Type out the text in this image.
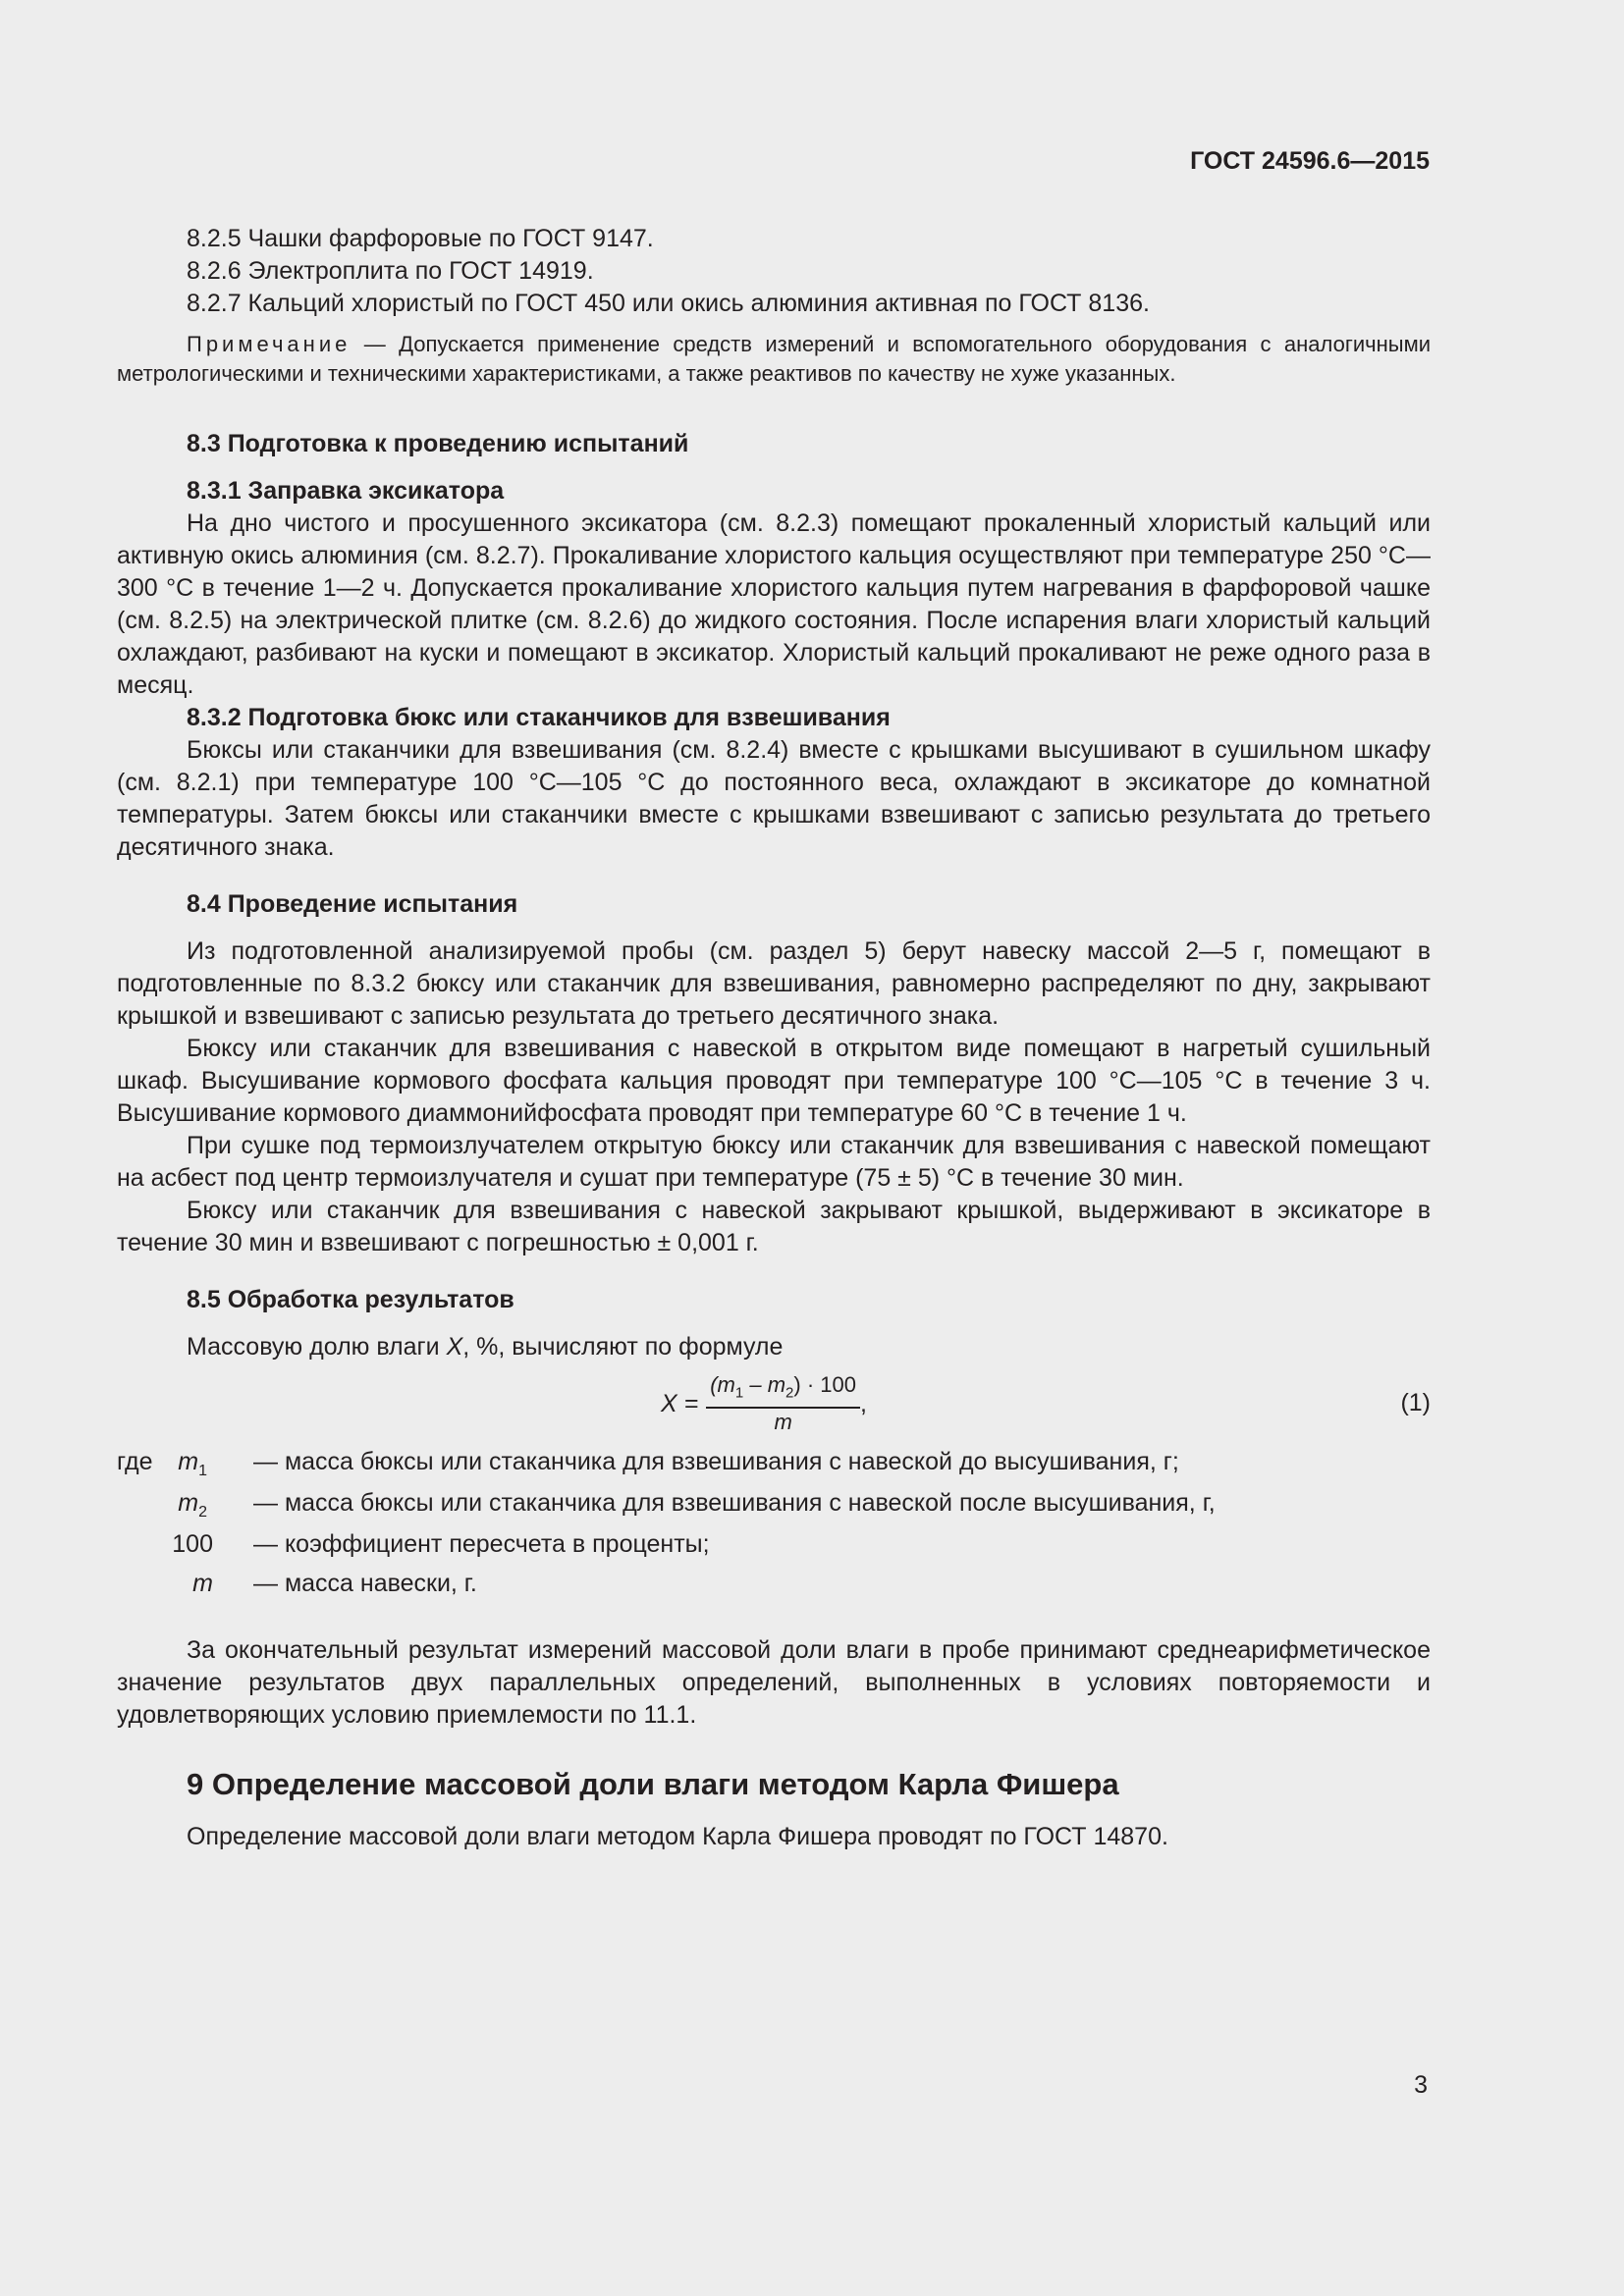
ГОСТ 24596.6—2015

8.2.5 Чашки фарфоровые по ГОСТ 9147.

8.2.6 Электроплита по ГОСТ 14919.

8.2.7 Кальций хлористый по ГОСТ 450 или окись алюминия активная по ГОСТ 8136.

Примечание — Допускается применение средств измерений и вспомогательного оборудования с аналогичными метрологическими и техническими характеристиками, а также реактивов по качеству не хуже указанных.

8.3 Подготовка к проведению испытаний

8.3.1 Заправка эксикатора

На дно чистого и просушенного эксикатора (см. 8.2.3) помещают прокаленный хлористый кальций или активную окись алюминия (см. 8.2.7). Прокаливание хлористого кальция осуществляют при температуре 250 °С—300 °С в течение 1—2 ч. Допускается прокаливание хлористого кальция путем нагревания в фарфоровой чашке (см. 8.2.5) на электрической плитке (см. 8.2.6) до жидкого состояния. После испарения влаги хлористый кальций охлаждают, разбивают на куски и помещают в эксикатор. Хлористый кальций прокаливают не реже одного раза в месяц.

8.3.2 Подготовка бюкс или стаканчиков для взвешивания

Бюксы или стаканчики для взвешивания (см. 8.2.4) вместе с крышками высушивают в сушильном шкафу (см. 8.2.1) при температуре 100 °С—105 °С до постоянного веса, охлаждают в эксикаторе до комнатной температуры. Затем бюксы или стаканчики вместе с крышками взвешивают с записью результата до третьего десятичного знака.

8.4 Проведение испытания

Из подготовленной анализируемой пробы (см. раздел 5) берут навеску массой 2—5 г, помещают в подготовленные по 8.3.2 бюксу или стаканчик для взвешивания, равномерно распределяют по дну, закрывают крышкой и взвешивают с записью результата до третьего десятичного знака.

Бюксу или стаканчик для взвешивания с навеской в открытом виде помещают в нагретый сушильный шкаф. Высушивание кормового фосфата кальция проводят при температуре 100 °С—105 °С в течение 3 ч. Высушивание кормового диаммонийфосфата проводят при температуре 60 °С в течение 1 ч.

При сушке под термоизлучателем открытую бюксу или стаканчик для взвешивания с навеской помещают на асбест под центр термоизлучателя и сушат при температуре (75 ± 5) °С в течение 30 мин.

Бюксу или стаканчик для взвешивания с навеской закрывают крышкой, выдерживают в эксикаторе в течение 30 мин и взвешивают с погрешностью ± 0,001 г.

8.5 Обработка результатов

Массовую долю влаги X, %, вычисляют по формуле

$X = \frac{(m_1 - m_2) \cdot 100}{m}$ ,	(1)
где	$m_1$ — масса бюксы или стаканчика для взвешивания с навеской до высушивания, г;
$m_2$ — масса бюксы или стаканчика для взвешивания с навеской после высушивания, г,
100 — коэффициент пересчета в проценты;
m — масса навески, г.

За окончательный результат измерений массовой доли влаги в пробе принимают среднеарифметическое значение результатов двух параллельных определений, выполненных в условиях повторяемости и удовлетворяющих условию приемлемости по 11.1.

9 Определение массовой доли влаги методом Карла Фишера

Определение массовой доли влаги методом Карла Фишера проводят по ГОСТ 14870.

3
